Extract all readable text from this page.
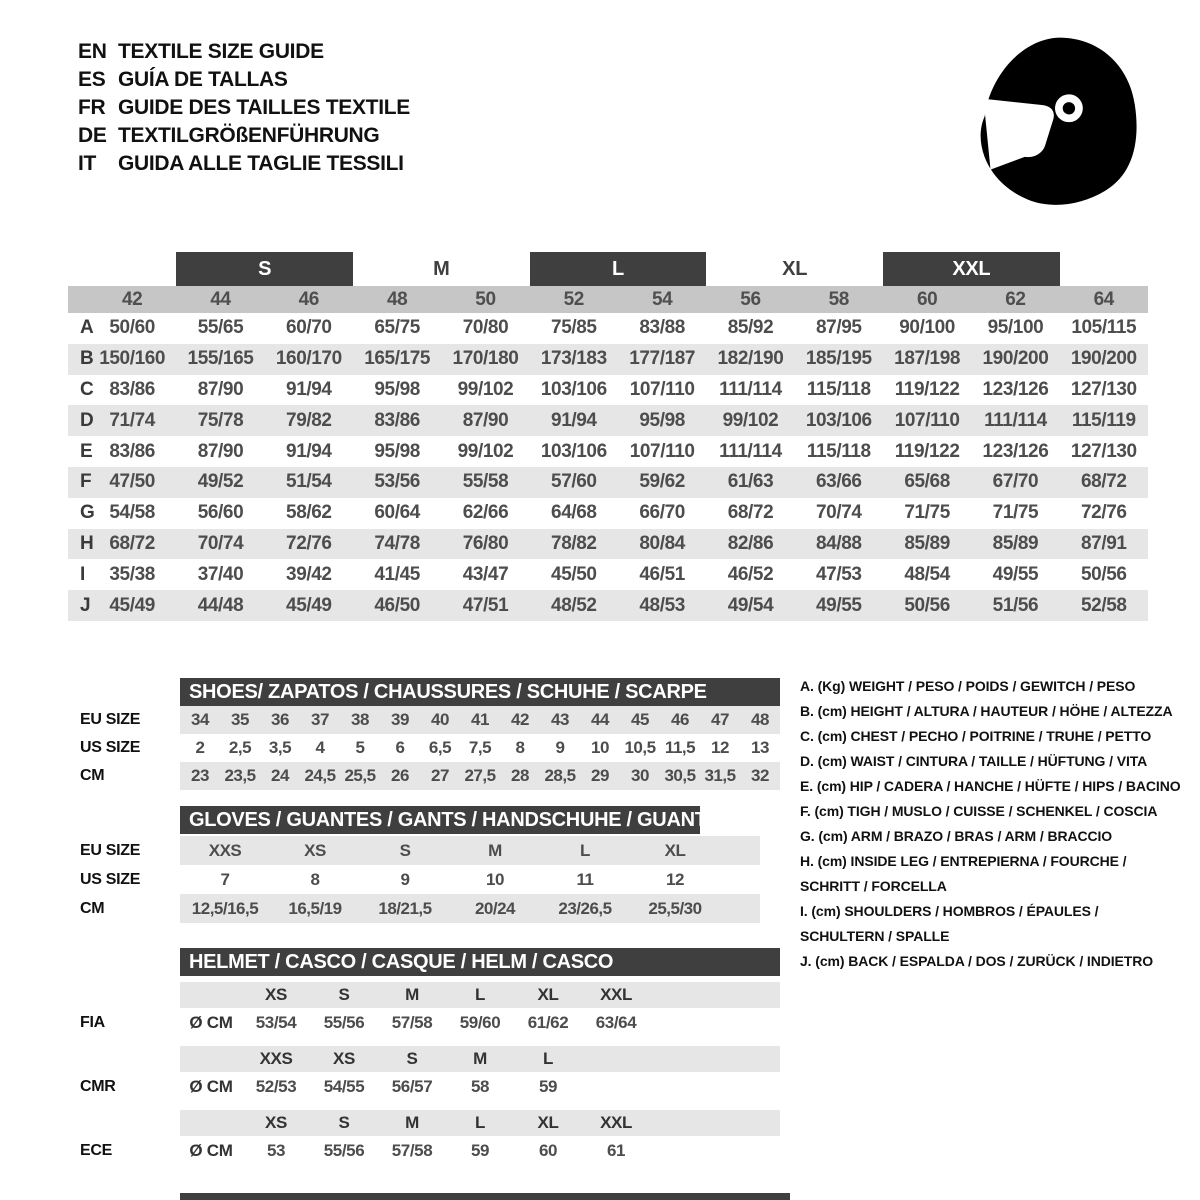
EN TEXTILE SIZE GUIDE
ES GUÍA DE TALLAS
FR GUIDE DES TAILLES TEXTILE
DE TEXTILGRÖßENFÜHRUNG
IT	GUIDA ALLE TAGLIE TESSILI
S	M	L	XL	XXL
42	44	46	48	50	52	54	56	58	60	62	64
A 50/60	55/65	60/70	65/75	70/80	75/85	83/88	85/92	87/95	90/100	95/100	105/115
B 150/160	155/165	160/170	165/175	170/180	173/183	177/187	182/190	185/195	187/198	190/200	190/200
C 83/86	87/90	91/94	95/98	99/102	103/106	107/110	111/114	115/118	119/122	123/126	127/130
D 71/74	75/78	79/82	83/86	87/90	91/94	95/98	99/102	103/106	107/110	111/114	115/119
E 83/86	87/90	91/94	95/98	99/102	103/106	107/110	111/114	115/118	119/122	123/126	127/130
F 47/50	49/52	51/54	53/56	55/58	57/60	59/62	61/63	63/66	65/68	67/70	68/72
G 54/58	56/60	58/62	60/64	62/66	64/68	66/70	68/72	70/74	71/75	71/75	72/76
H 68/72	70/74	72/76	74/78	76/80	78/82	80/84	82/86	84/88	85/89	85/89	87/91
I	35/38	37/40	39/42	41/45	43/47	45/50	46/51	46/52	47/53	48/54	49/55	50/56
J 45/49	44/48	45/49	46/50	47/51	48/52	48/53	49/54	49/55	50/56	51/56	52/58
SHOES/ ZAPATOS / CHAUSSURES / SCHUHE / SCARPE
EU SIZE	34	35	36	37	38	39	40	41	42	43	44	45	46	47	48
US SIZE	2	2,5	3,5	4	5	6	6,5	7,5	8	9	10 10,5 11,5 12	13
CM	23 23,5 24 24,5 25,5 26	27 27,5 28 28,5 29	30 30,5 31,5 32
GLOVES / GUANTES / GANTS / HANDSCHUHE / GUANTI
EU SIZE	XXS	XS	S	M	L	XL
US SIZE	7	8	9	10	11	12
CM	12,5/16,5	16,5/19	18/21,5	20/24	23/26,5	25,5/30
HELMET / CASCO / CASQUE / HELM / CASCO
XS	S	M	L	XL	XXL
FIA	Ø CM	53/54	55/56	57/58	59/60	61/62	63/64
XXS	XS	S	M	L
CMR	Ø CM	52/53	54/55	56/57	58	59
XS	S	M	L	XL	XXL
ECE	Ø CM	53	55/56	57/58	59	60	61
A. (Kg) WEIGHT / PESO / POIDS / GEWITCH / PESO
B. (cm) HEIGHT / ALTURA / HAUTEUR / HÖHE / ALTEZZA
C. (cm) CHEST / PECHO / POITRINE / TRUHE / PETTO
D. (cm) WAIST / CINTURA / TAILLE / HÜFTUNG / VITA
E. (cm) HIP / CADERA / HANCHE / HÜFTE / HIPS / BACINO
F. (cm) TIGH / MUSLO / CUISSE / SCHENKEL / COSCIA
G. (cm) ARM / BRAZO / BRAS / ARM / BRACCIO
H. (cm) INSIDE LEG / ENTREPIERNA / FOURCHE /
SCHRITT / FORCELLA
I. (cm) SHOULDERS / HOMBROS / ÉPAULES /
SCHULTERN / SPALLE
J. (cm) BACK / ESPALDA / DOS / ZURÜCK / INDIETRO
